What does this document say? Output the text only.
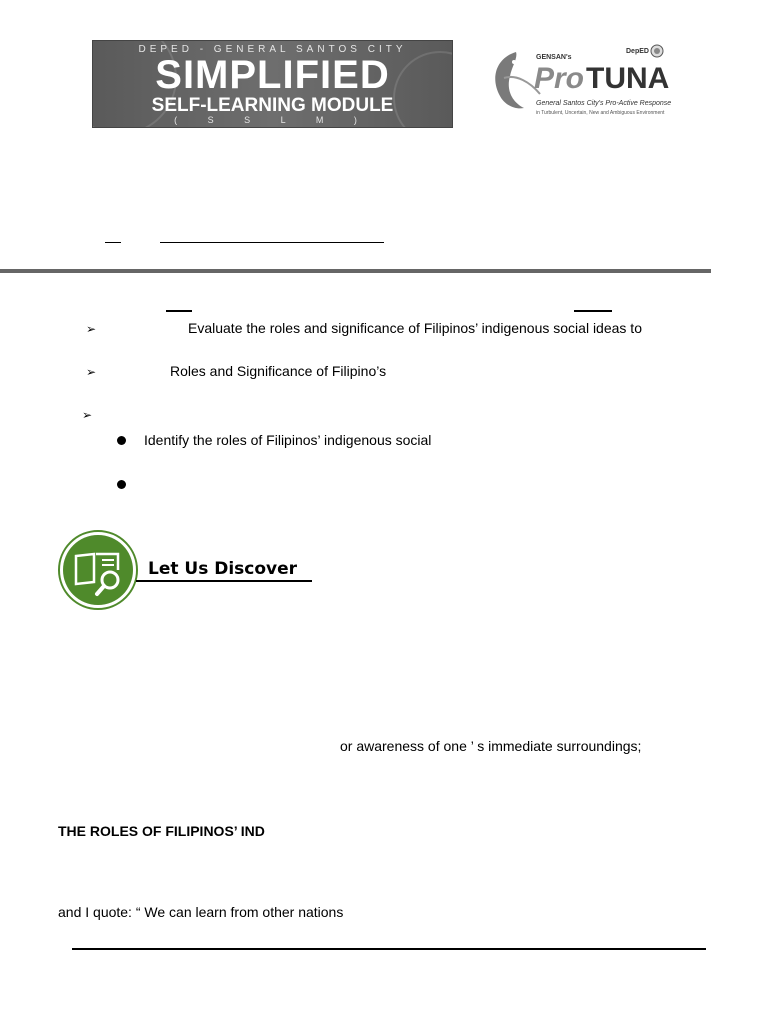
DEPED - GENERAL SANTOS CITY
SIMPLIFIED
SELF-LEARNING MODULE
( S S L M )
GENSAN's
DepED
Pro TUNA
General Santos City's Pro-Active Response
in Turbulent, Uncertain, New and Ambiguous Environment
➢	Evaluate the roles and significance of Filipinos’ indigenous social ideas to
➢	Roles and Significance of Filipino’s
➢
Identify the roles of Filipinos’ indigenous social
Let Us Discover
or awareness of one ’ s immediate surroundings;
THE ROLES OF FILIPINOS’ IND
and I quote: “ We can learn from other nations
